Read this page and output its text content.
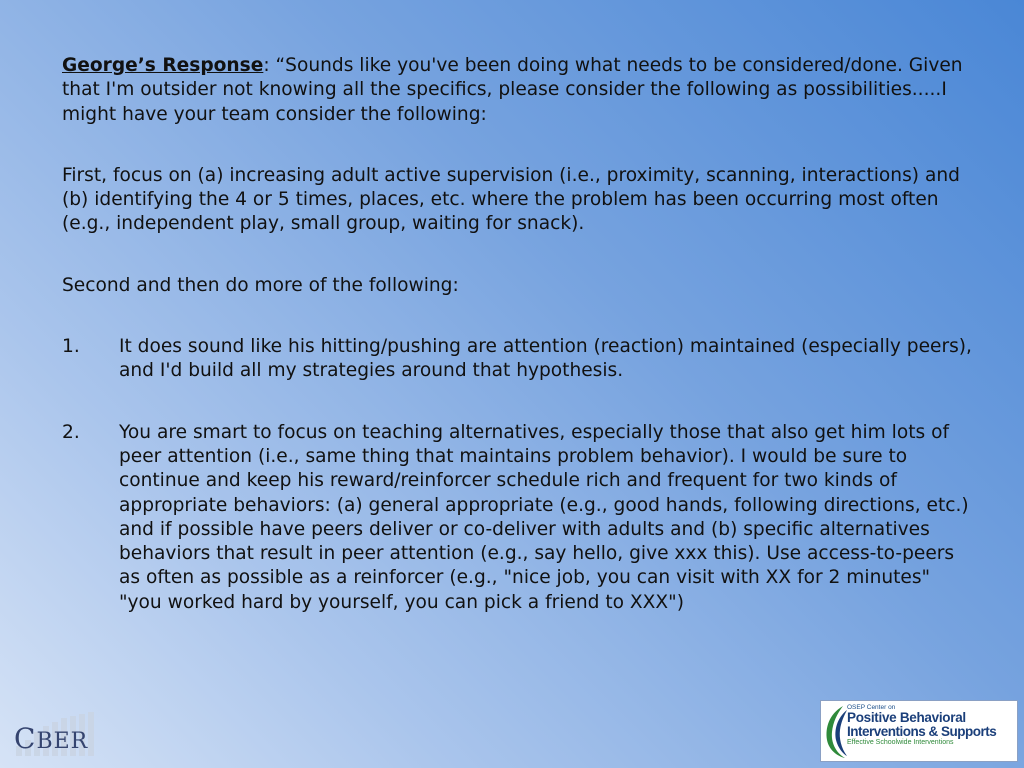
George’s Response: “Sounds like you've been doing what needs to be considered/done. Given that I'm outsider not knowing all the specifics, please consider the following as possibilities.....I might have your team consider the following:

First, focus on (a) increasing adult active supervision (i.e., proximity, scanning, interactions) and (b) identifying the 4 or 5 times, places, etc. where the problem has been occurring most often (e.g., independent play, small group, waiting for snack).

Second and then do more of the following:

1.	It does sound like his hitting/pushing are attention (reaction) maintained (especially peers), and I'd build all my strategies around that hypothesis.
2.	You are smart to focus on teaching alternatives, especially those that also get him lots of peer attention (i.e., same thing that maintains problem behavior). I would be sure to continue and keep his reward/reinforcer schedule rich and frequent for two kinds of appropriate behaviors: (a) general appropriate (e.g., good hands, following directions, etc.) and if possible have peers deliver or co-deliver with adults and (b) specific alternatives behaviors that result in peer attention (e.g., say hello, give xxx this). Use access-to-peers as often as possible as a reinforcer (e.g., "nice job, you can visit with XX for 2 minutes" "you worked hard by yourself, you can pick a friend to XXX")
CBER
OSEP Center on
Positive Behavioral
Interventions & Supports
Effective Schoolwide Interventions
